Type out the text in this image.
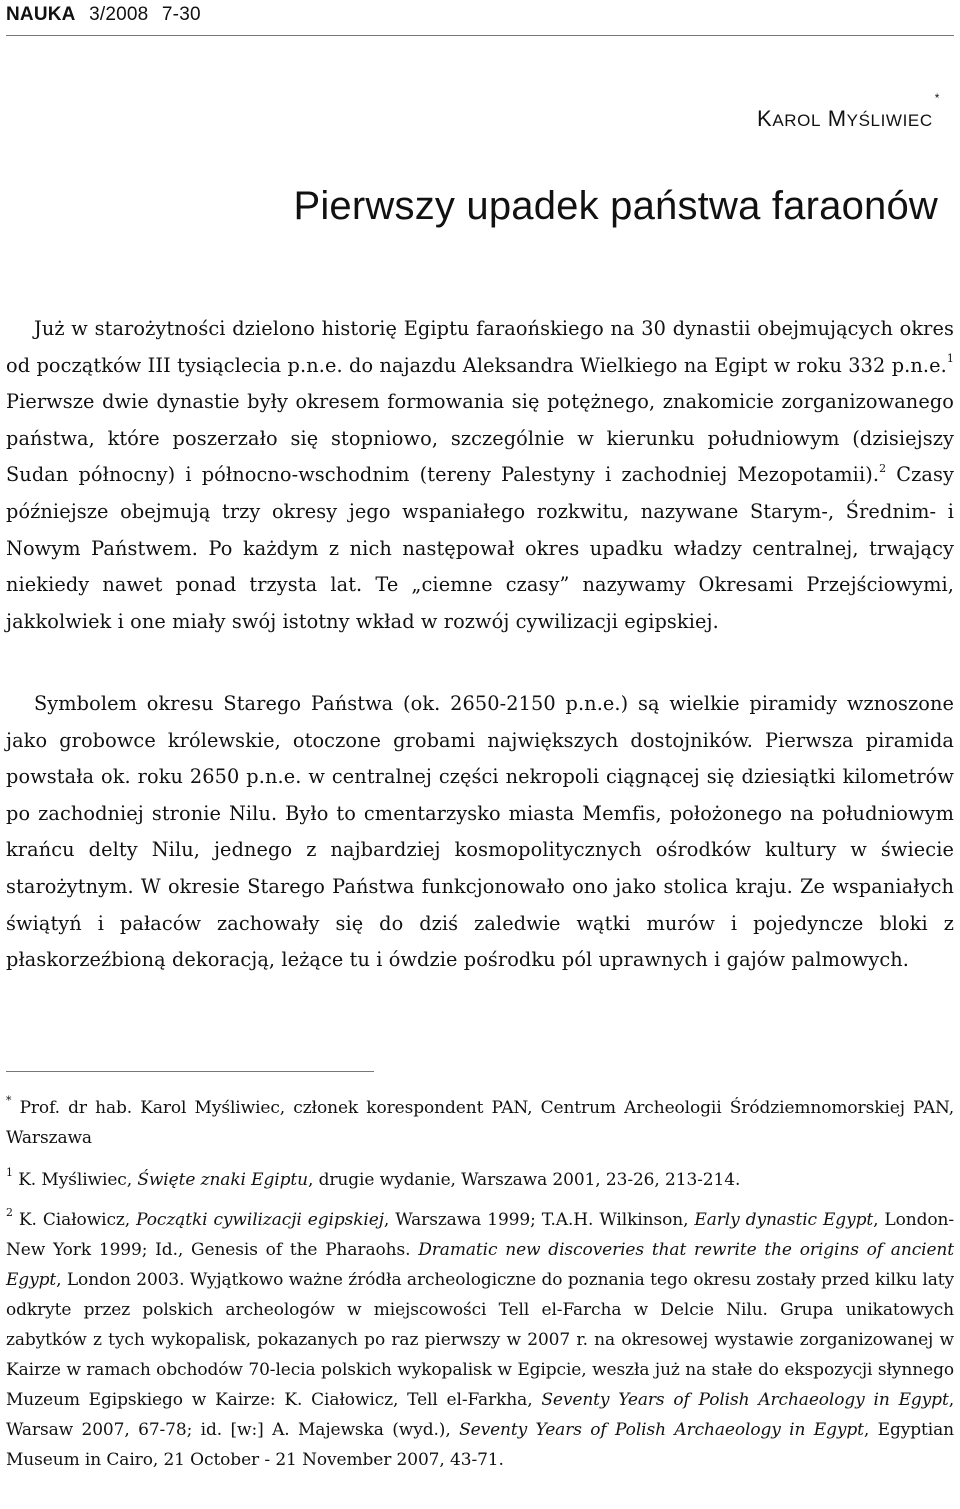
NAUKA 3/2008 7-30
KAROL MYŚLIWIEC*
Pierwszy upadek państwa faraonów

Już w starożytności dzielono historię Egiptu faraońskiego na 30 dynastii obejmujących okres od początków III tysiąclecia p.n.e. do najazdu Aleksandra Wielkiego na Egipt w roku 332 p.n.e.$^1$ Pierwsze dwie dynastie były okresem formowania się potężnego, znakomicie zorganizowanego państwa, które poszerzało się stopniowo, szczególnie w kierunku południowym (dzisiejszy Sudan północny) i północno-wschodnim (tereny Palestyny i zachodniej Mezopotamii).$^2$ Czasy późniejsze obejmują trzy okresy jego wspaniałego rozkwitu, nazywane Starym-, Średnim- i Nowym Państwem. Po każdym z nich następował okres upadku władzy centralnej, trwający niekiedy nawet ponad trzysta lat. Te „ciemne czasy” nazywamy Okresami Przejściowymi, jakkolwiek i one miały swój istotny wkład w rozwój cywilizacji egipskiej.

Symbolem okresu Starego Państwa (ok. 2650-2150 p.n.e.) są wielkie piramidy wznoszone jako grobowce królewskie, otoczone grobami największych dostojników. Pierwsza piramida powstała ok. roku 2650 p.n.e. w centralnej części nekropoli ciągnącej się dziesiątki kilometrów po zachodniej stronie Nilu. Było to cmentarzysko miasta Memfis, położonego na południowym krańcu delty Nilu, jednego z najbardziej kosmopolitycznych ośrodków kultury w świecie starożytnym. W okresie Starego Państwa funkcjonowało ono jako stolica kraju. Ze wspaniałych świątyń i pałaców zachowały się do dziś zaledwie wątki murów i pojedyncze bloki z płaskorzeźbioną dekoracją, leżące tu i ówdzie pośrodku pól uprawnych i gajów palmowych.

* Prof. dr hab. Karol Myśliwiec, członek korespondent PAN, Centrum Archeologii Śródziemnomorskiej PAN, Warszawa

$^1$ K. Myśliwiec, Święte znaki Egiptu, drugie wydanie, Warszawa 2001, 23-26, 213-214.

$^2$ K. Ciałowicz, Początki cywilizacji egipskiej, Warszawa 1999; T.A.H. Wilkinson, Early dynastic Egypt, London-New York 1999; Id., Genesis of the Pharaohs. Dramatic new discoveries that rewrite the origins of ancient Egypt, London 2003. Wyjątkowo ważne źródła archeologiczne do poznania tego okresu zostały przed kilku laty odkryte przez polskich archeologów w miejscowości Tell el-Farcha w Delcie Nilu. Grupa unikatowych zabytków z tych wykopalisk, pokazanych po raz pierwszy w 2007 r. na okresowej wystawie zorganizowanej w Kairze w ramach obchodów 70-lecia polskich wykopalisk w Egipcie, weszła już na stałe do ekspozycji słynnego Muzeum Egipskiego w Kairze: K. Ciałowicz, Tell el-Farkha, Seventy Years of Polish Archaeology in Egypt, Warsaw 2007, 67-78; id. [w:] A. Majewska (wyd.), Seventy Years of Polish Archaeology in Egypt, Egyptian Museum in Cairo, 21 October - 21 November 2007, 43-71.
